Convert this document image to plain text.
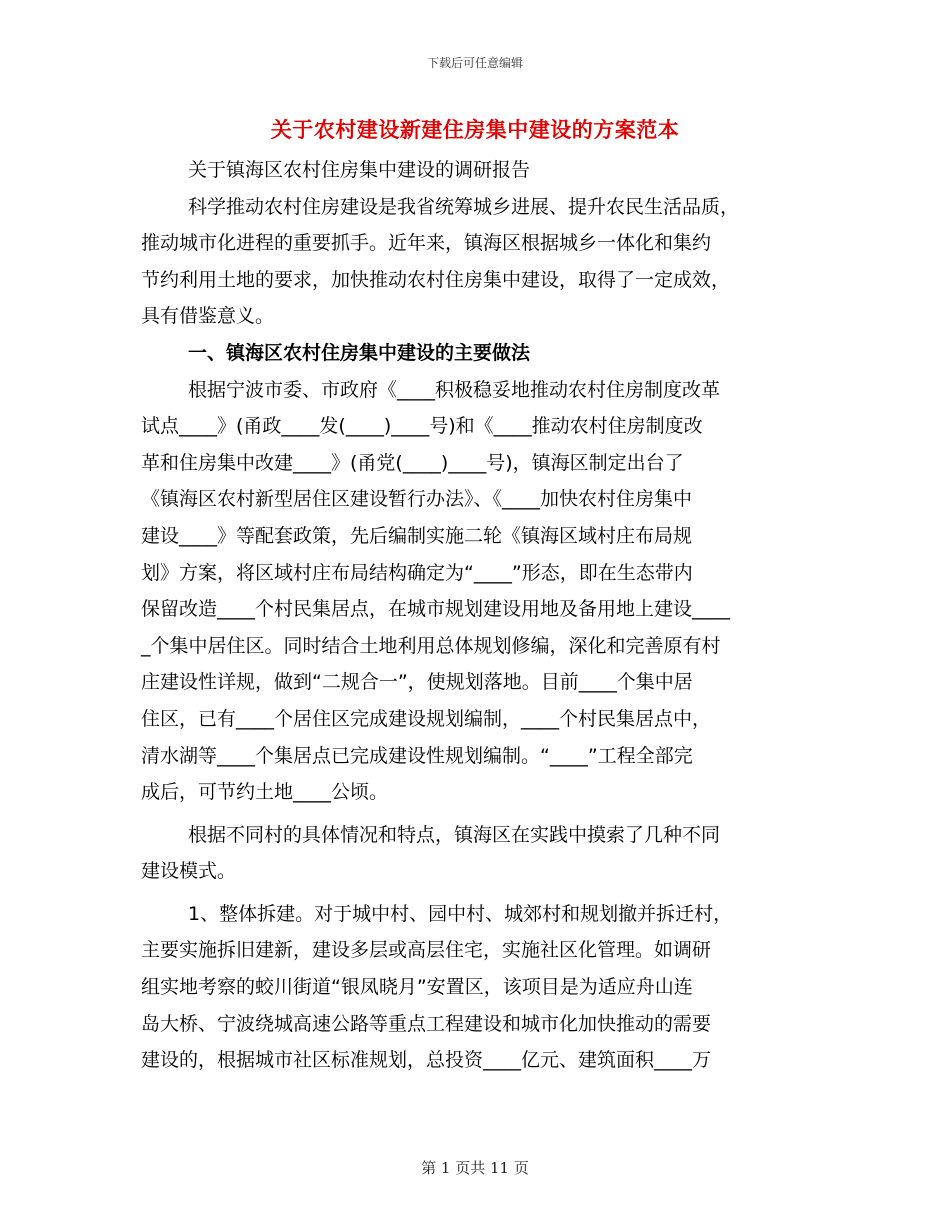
下载后可任意编辑
关于农村建设新建住房集中建设的方案范本
关于镇海区农村住房集中建设的调研报告
科学推动农村住房建设是我省统筹城乡进展、提升农民生活品质，
推动城市化进程的重要抓手。近年来，镇海区根据城乡一体化和集约
节约利用土地的要求，加快推动农村住房集中建设，取得了一定成效，
具有借鉴意义。
一、镇海区农村住房集中建设的主要做法
根据宁波市委、市政府《____积极稳妥地推动农村住房制度改革
试点____》(甬政____发(____)____号)和《____推动农村住房制度改
革和住房集中改建____》(甬党(____)____号)，镇海区制定出台了
《镇海区农村新型居住区建设暂行办法》、《____加快农村住房集中
建设____》等配套政策，先后编制实施二轮《镇海区域村庄布局规
划》方案，将区域村庄布局结构确定为“____”形态，即在生态带内
保留改造____个村民集居点，在城市规划建设用地及备用地上建设____
_个集中居住区。同时结合土地利用总体规划修编，深化和完善原有村
庄建设性详规，做到“二规合一”，使规划落地。目前____个集中居
住区，已有____个居住区完成建设规划编制，____个村民集居点中，
清水湖等____个集居点已完成建设性规划编制。“____”工程全部完
成后，可节约土地____公顷。
根据不同村的具体情况和特点，镇海区在实践中摸索了几种不同
建设模式。
1、整体拆建。对于城中村、园中村、城郊村和规划撤并拆迁村，
主要实施拆旧建新，建设多层或高层住宅，实施社区化管理。如调研
组实地考察的蛟川街道“银凤晓月”安置区，该项目是为适应舟山连
岛大桥、宁波绕城高速公路等重点工程建设和城市化加快推动的需要
建设的，根据城市社区标准规划，总投资____亿元、建筑面积____万
第 1 页共 11 页
